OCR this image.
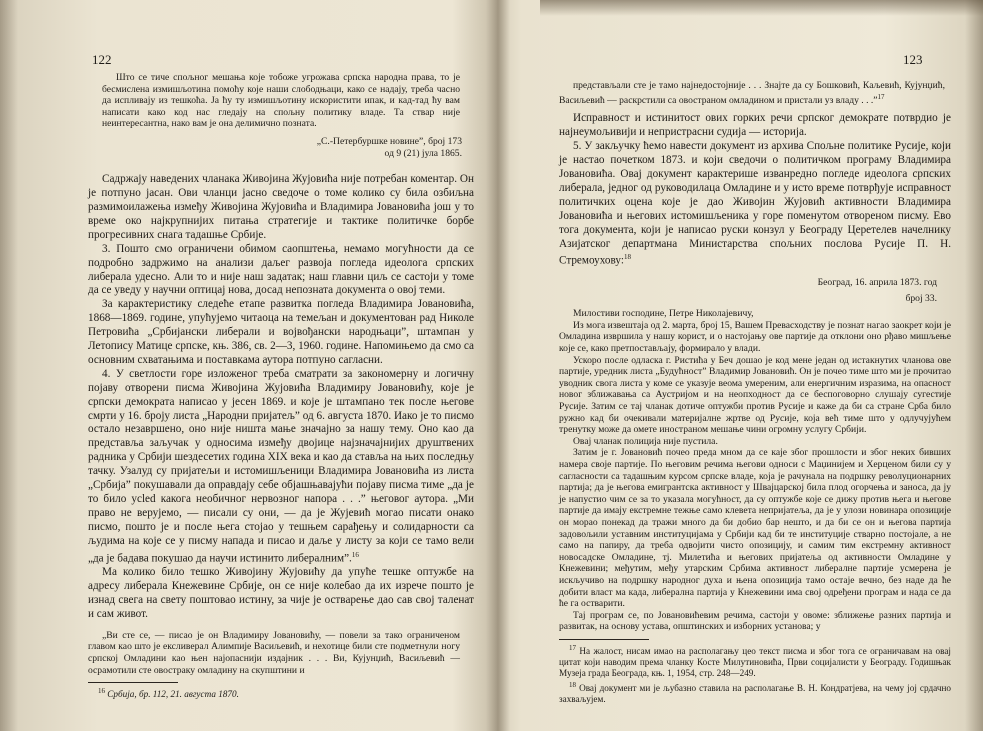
122

Што се тиче спољног мешања које тобоже угрожава српска народна права, то је бесмислена измишљотина помоћу које наши слободњаци, како се надају, треба часно да испливају из тешкоћа. Ја ћу ту измишљотину искористити ипак, и кад-тад ћу вам написати како код нас гледају на спољну политику владе. Та ствар није неинтересантна, нако вам је она делимично позната.

„С.-Петербуршке новине”, број 173

од 9 (21) јула 1865.

Садржају наведених чланака Живојина Жујовића није потребан коментар. Он је потпуно јасан. Ови чланци јасно сведоче о томе колико су била озбиљна размимоилажења између Живојина Жујовића и Владимира Јовановића још у то време око најкрупнијих питања стратегије и тактике политичке борбе прогресивних снага тадашње Србије.

3. Пошто смо ограничени обимом саопштења, немамо могућности да се подробно задржимо на анализи даљег развоја погледа идеолога српских либерала удесно. Али то и није наш задатак; наш главни циљ се састоји у томе да се уведу у научни оптицај нова, досад непозната документа о овој теми.

За карактеристику следеће етапе развитка погледа Владимира Јовановића, 1868—1869. године, упућујемо читаоца на темељан и документован рад Николе Петровића „Србијански либерали и војвођански народњаци”, штампан у Летопису Матице српске, књ. 386, св. 2—3, 1960. године. Напомињемо да смо са основним схватањима и поставкама аутора потпуно сагласни.

4. У светлости горе изложеног треба сматрати за закономерну и логичну појаву отворени писма Живојина Жујовића Владимиру Јовановићу, које је српски демократа написао у јесен 1869. и које је штампано тек после његове смрти у 16. броју листа „Народни пријатељ” од 6. августа 1870. Иако је то писмо остало незавршено, оно није ништа мање значајно за нашу тему. Оно као да представља заључак у односима између двојице најзначајнијих друштвених радника у Србији шездесетих година XIX века и као да ставља на њих последњу тачку. Узалуд су пријатељи и истомишљеници Владимира Јовановића из листа „Србија” покушавали да оправдају себе објашњавајући појаву писма тиме „да је то било усled какога необичног нервозног напора . . .” његовог аутора. „Ми право не верујемо, — писали су они, — да је Жујевић могао писати онако писмо, пошто је и после њега стојао у тешњем сарађењу и солидарности са људима на које се у писму напада и писао и даље у листу за који се тамо вели „да је бадава покушао да научи истинито либералним”.$^{16}$

Ма колико било тешко Живојину Жујовићу да упуће тешке оптужбе на адресу либерала Кнежевине Србије, он се није колебао да их изрече пошто је изнад свега на свету поштовао истину, за чије је остварење дао сав свој таленат и сам живот.

„Ви сте се, — писао је он Владимиру Јовановићу, — повели за тако ограниченом главом као што је ексливерал Алимпије Васиљевић, и нехотице били сте подметнули ногу српској Омладини као њен најопаснији издајник . . . Ви, Кујунџић, Васиљевић — осрамотили сте овостраку омладину на скупштини и

$^{16}$ Србија, бр. 112, 21. августа 1870.

123

представљали сте је тамо најнедостојније . . . Знајте да су Бошковић, Каљевић, Кујунџић, Васиљевић — раскрстили са овостраном омладином и пристали уз владу . . .”$^{17}$

Исправност и истинитост ових горких речи српског демократе потврдио је најнеумољивији и непристрасни судија — историја.

5. У закључку ћемо навести документ из архива Спољне политике Русије, који је настао почетком 1873. и који сведочи о политичком програму Владимира Јовановића. Овај документ карактерише изванредно погледе идеолога српских либерала, једног од руководилаца Омладине и у исто време потврђује исправност политичких оцена које је дао Живојин Жујовић активности Владимира Јовановића и његових истомишљеника у горе поменутом отвореном писму. Ево тога документа, који је написао руски конзул у Београду Церетелев начелнику Азијатског департмана Министарства спољних послова Русије П. Н. Стремоухову:$^{18}$

Београд, 16. априла 1873. год

број 33.

Милостиви господине, Петре Николајевичу,

Из мога извештаја од 2. марта, број 15, Вашем Превасходству је познат нагао заокрет који је Омладина извршила у нашу корист, и о настојању ове партије да отклони оно рђаво мишљење које се, како претпостављају, формирало у влади.

Ускоро после одласка г. Ристића у Беч дошао је код мене један од истакнутих чланова ове партије, уредник листа „Будућност” Владимир Јовановић. Он је почео тиме што ми је прочитао уводник свога листа у коме се указује веома умерeним, али енергичним изразима, на опасност новог зближавања са Аустријом и на неопходност да се беспоговорно слушају сугестије Русије. Затим се тај чланак дотиче оптужби против Русије и каже да би са стране Срба било ружно кад би очекивали материјалне жртве од Русије, која већ тиме што у одлучујућем тренутку може да омете иностраном мешање чини огромну услугу Србији.

Овај чланак полиција није пустила.

Затим је г. Јовановић почео преда мном да се каје због прошлости и због неких бивших намера своје партије. По његовим речима његови односи с Маџинијем и Херценом били су у сагласности са тадашњим курсом српске владе, која је рачунала на подршку револуционарних партија; да је његова емигрантска активност у Швајцарској била плод огорчења и заноса, да ју је напустио чим се за то указала могућност, да су оптужбе које се дижу против њега и његове партије да имају екстремне тежње само клевета непријатеља, да је у улози новинара опозиције он морао понекад да тражи много да би добио бар нешто, и да би се он и његова партија задовољили уставним институцијама у Србији кад би те институције стварно постојале, а не само на папиру, да треба одвојити чисто опозицију, и самим тим екстремну активност новосадске Омладине, тј. Милетића и његових пријатеља од активности Омладине у Кнежевини; међутим, међу утарским Србима активност либералне партије усмерена је искључиво на подршку народног духа и њена опозиција тамо остаје вечно, без наде да ће добити власт ма када, либерална партија у Кнежевини има свој одређени програм и нада се да ће га остварити.

Тај програм се, по Јовановићевим речима, састоји у овоме: зближење разних партија и развитак, на основу устава, општинских и изборних установа; у

$^{17}$ На жалост, нисам имао на располагању цео текст писма и због тога се ограничавам на овај цитат који наводим према чланку Косте Милутиновића, Први социјалисти у Београду. Годишњак Музеја града Београда, књ. 1, 1954, стр. 248—249.

$^{18}$ Овај документ ми је љубазно ставила на располагање В. Н. Кондратјева, на чему јој срдачно захваљујем.
